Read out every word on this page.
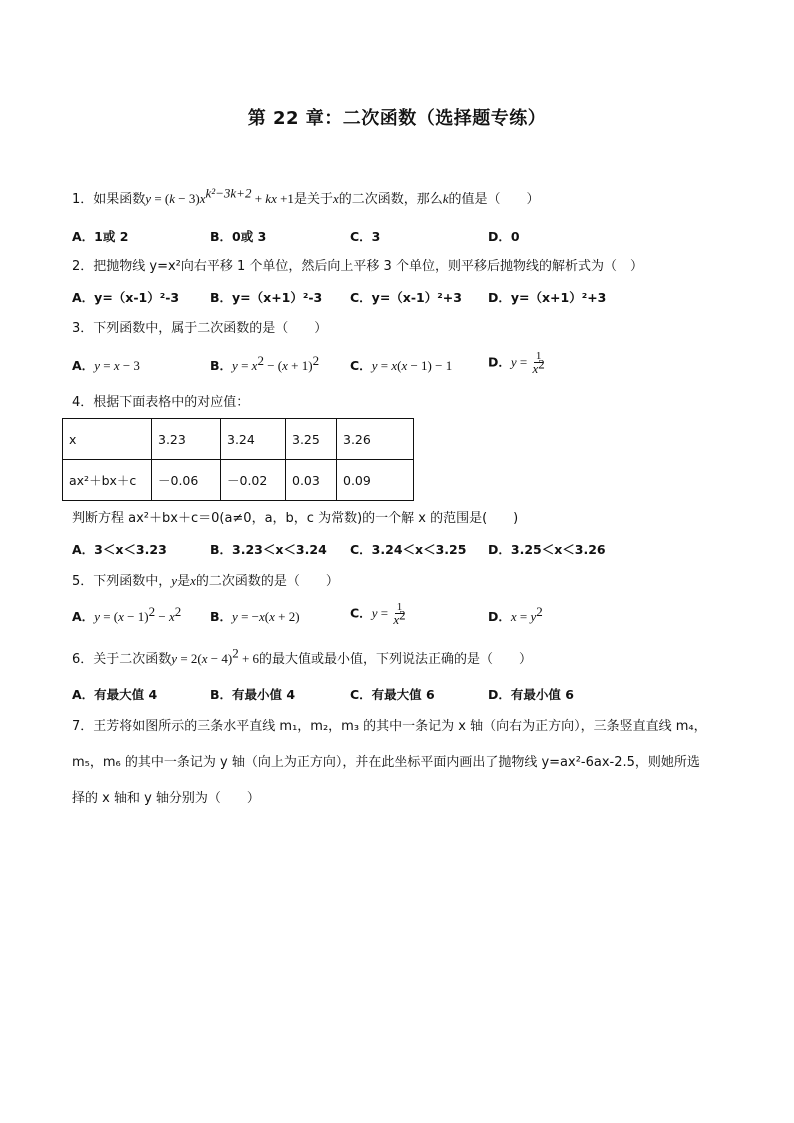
第 22 章：二次函数（选择题专练）
1．如果函数$y = (k - 3)x^{k^2-3k+2}$ + kx +1是关于x的二次函数，那么k的值是（　　）
A．1或 2	B．0或 3	C．3	D．0
2．把抛物线 y=x²向右平移 1 个单位，然后向上平移 3 个单位，则平移后抛物线的解析式为（　）
A．y=（x-1）²-3 B．y=（x+1）²-3 C．y=（x-1）²+3 D．y=（x+1）²+3
3．下列函数中，属于二次函数的是（　　）
A．y = x − 3	B．$y = x^2 - (x + 1)^2$ C．y = x(x − 1) − 1	D．$y = \frac{1}{x^2}$
4．根据下面表格中的对应值：
x	3.23	3.24	3.25	3.26
ax²＋bx＋c	－0.06	－0.02	0.03	0.09
判断方程 ax²＋bx＋c＝0(a≠0，a，b，c 为常数)的一个解 x 的范围是(　　)
A．3＜x＜3.23	B．3.23＜x＜3.24 C．3.24＜x＜3.25 D．3.25＜x＜3.26
5．下列函数中，y是x的二次函数的是（　　）
A．$y = (x - 1)^2 - x^2$ B．y = −x(x + 2)	C．$y = \frac{1}{x^2}$	D．$x = y^2$
6．关于二次函数$y = 2(x - 4)^2 + 6$的最大值或最小值，下列说法正确的是（　　）
A．有最大值 4	B．有最小值 4	C．有最大值 6	D．有最小值 6
7．王芳将如图所示的三条水平直线 m₁，m₂，m₃ 的其中一条记为 x 轴（向右为正方向），三条竖直直线 m₄，
m₅，m₆ 的其中一条记为 y 轴（向上为正方向），并在此坐标平面内画出了抛物线 y=ax²-6ax-2.5，则她所选
择的 x 轴和 y 轴分别为（　　）
